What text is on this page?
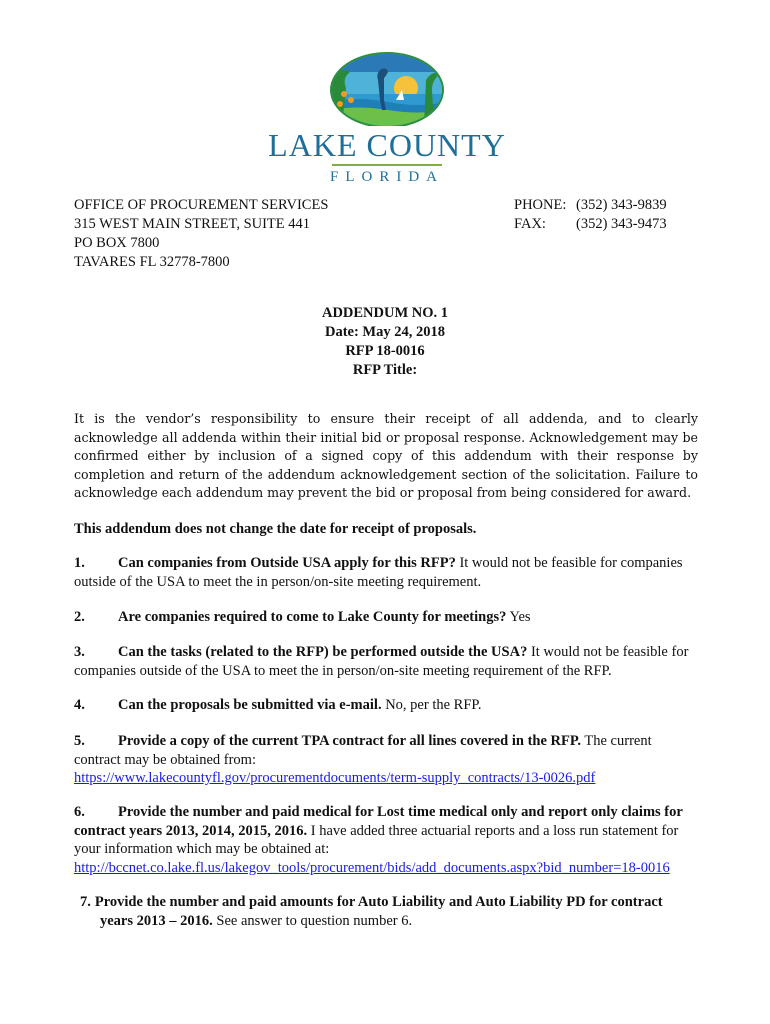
LAKE COUNTY
FLORIDA
OFFICE OF PROCUREMENT SERVICES
315 WEST MAIN STREET, SUITE 441
PO BOX 7800
TAVARES FL 32778-7800
PHONE: (352) 343-9839
FAX: (352) 343-9473
ADDENDUM NO. 1
Date: May 24, 2018
RFP 18-0016
RFP Title:
It is the vendor’s responsibility to ensure their receipt of all addenda, and to clearly acknowledge all addenda within their initial bid or proposal response. Acknowledgement may be confirmed either by inclusion of a signed copy of this addendum with their response by completion and return of the addendum acknowledgement section of the solicitation. Failure to acknowledge each addendum may prevent the bid or proposal from being considered for award.
This addendum does not change the date for receipt of proposals.
1. Can companies from Outside USA apply for this RFP? It would not be feasible for companies outside of the USA to meet the in person/on-site meeting requirement.
2. Are companies required to come to Lake County for meetings? Yes
3. Can the tasks (related to the RFP) be performed outside the USA? It would not be feasible for companies outside of the USA to meet the in person/on-site meeting requirement of the RFP.
4. Can the proposals be submitted via e-mail. No, per the RFP.
5. Provide a copy of the current TPA contract for all lines covered in the RFP. The current contract may be obtained from:
https://www.lakecountyfl.gov/procurementdocuments/term-supply_contracts/13-0026.pdf
6. Provide the number and paid medical for Lost time medical only and report only claims for contract years 2013, 2014, 2015, 2016. I have added three actuarial reports and a loss run statement for your information which may be obtained at:
http://bccnet.co.lake.fl.us/lakegov_tools/procurement/bids/add_documents.aspx?bid_number=18-0016
7. Provide the number and paid amounts for Auto Liability and Auto Liability PD for contract
years 2013 – 2016. See answer to question number 6.
